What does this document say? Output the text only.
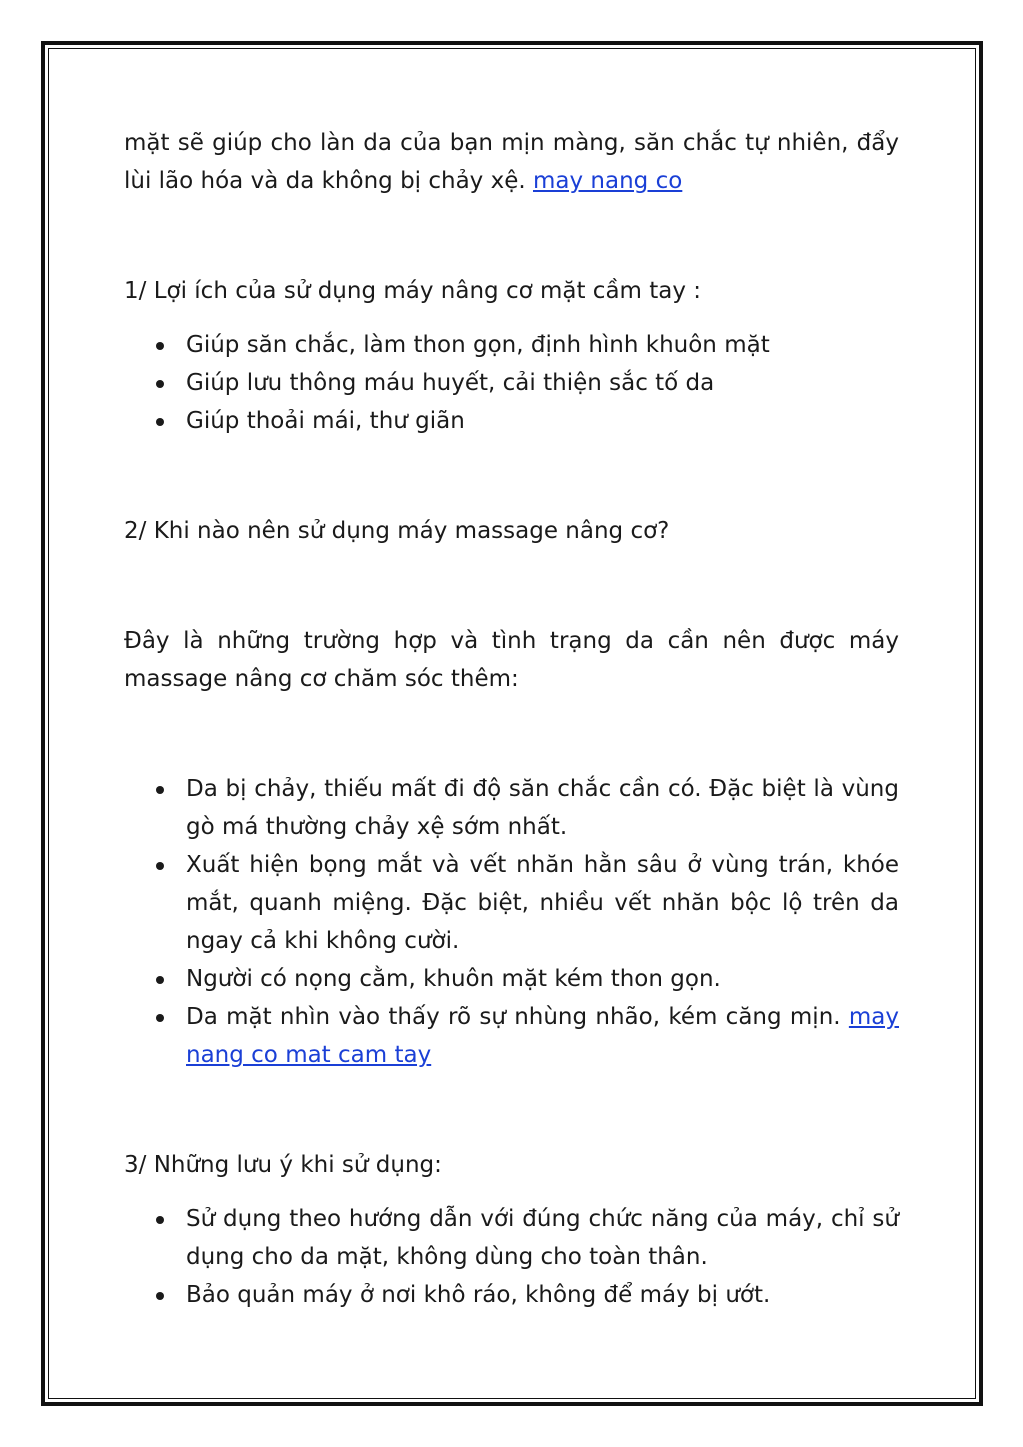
mặt sẽ giúp cho làn da của bạn mịn màng, săn chắc tự nhiên, đẩy lùi lão hóa và da không bị chảy xệ. may nang co

1/ Lợi ích của sử dụng máy nâng cơ mặt cầm tay :

Giúp săn chắc, làm thon gọn, định hình khuôn mặt
Giúp lưu thông máu huyết, cải thiện sắc tố da
Giúp thoải mái, thư giãn

2/ Khi nào nên sử dụng máy massage nâng cơ?

Đây là những trường hợp và tình trạng da cần nên được máy massage nâng cơ chăm sóc thêm:

Da bị chảy, thiếu mất đi độ săn chắc cần có. Đặc biệt là vùng gò má thường chảy xệ sớm nhất.
Xuất hiện bọng mắt và vết nhăn hằn sâu ở vùng trán, khóe mắt, quanh miệng. Đặc biệt, nhiều vết nhăn bộc lộ trên da ngay cả khi không cười.
Người có nọng cằm, khuôn mặt kém thon gọn.
Da mặt nhìn vào thấy rõ sự nhùng nhão, kém căng mịn. may nang co mat cam tay

3/ Những lưu ý khi sử dụng:

Sử dụng theo hướng dẫn với đúng chức năng của máy, chỉ sử dụng cho da mặt, không dùng cho toàn thân.
Bảo quản máy ở nơi khô ráo, không để máy bị ướt.
